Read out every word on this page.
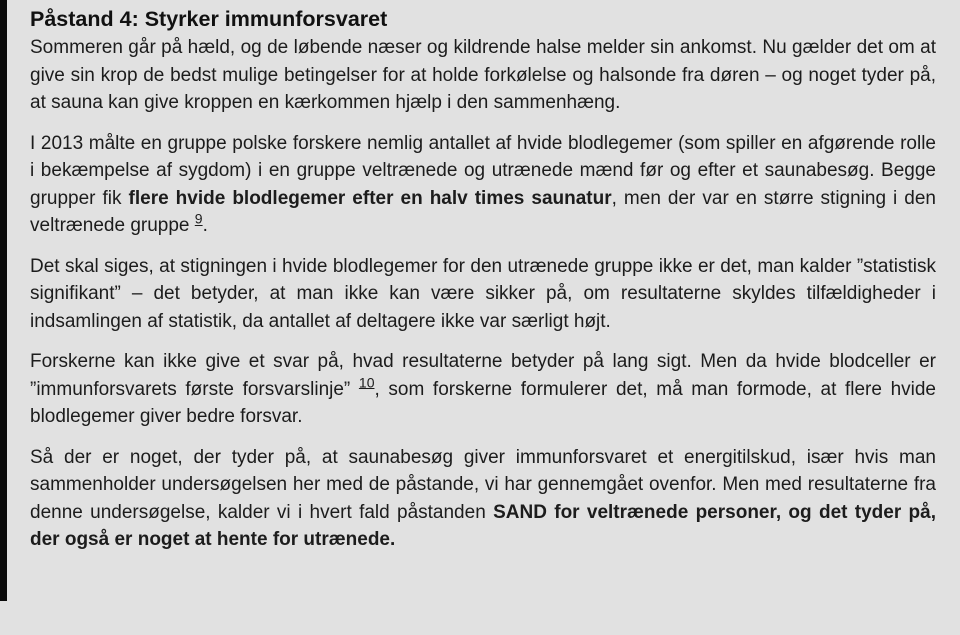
Påstand 4: Styrker immunforsvaret

Sommeren går på hæld, og de løbende næser og kildrende halse melder sin ankomst. Nu gælder det om at give sin krop de bedst mulige betingelser for at holde forkølelse og halsonde fra døren – og noget tyder på, at sauna kan give kroppen en kærkommen hjælp i den sammenhæng.

I 2013 målte en gruppe polske forskere nemlig antallet af hvide blodlegemer (som spiller en afgørende rolle i bekæmpelse af sygdom) i en gruppe veltrænede og utrænede mænd før og efter et saunabesøg. Begge grupper fik flere hvide blodlegemer efter en halv times saunatur, men der var en større stigning i den veltrænede gruppe $^9$.

Det skal siges, at stigningen i hvide blodlegemer for den utrænede gruppe ikke er det, man kalder ”statistisk signifikant” – det betyder, at man ikke kan være sikker på, om resultaterne skyldes tilfældigheder i indsamlingen af statistik, da antallet af deltagere ikke var særligt højt.

Forskerne kan ikke give et svar på, hvad resultaterne betyder på lang sigt. Men da hvide blodceller er ”immunforsvarets første forsvarslinje” $^{10}$, som forskerne formulerer det, må man formode, at flere hvide blodlegemer giver bedre forsvar.

Så der er noget, der tyder på, at saunabesøg giver immunforsvaret et energitilskud, især hvis man sammenholder undersøgelsen her med de påstande, vi har gennemgået ovenfor. Men med resultaterne fra denne undersøgelse, kalder vi i hvert fald påstanden SAND for veltrænede personer, og det tyder på, der også er noget at hente for utrænede.
